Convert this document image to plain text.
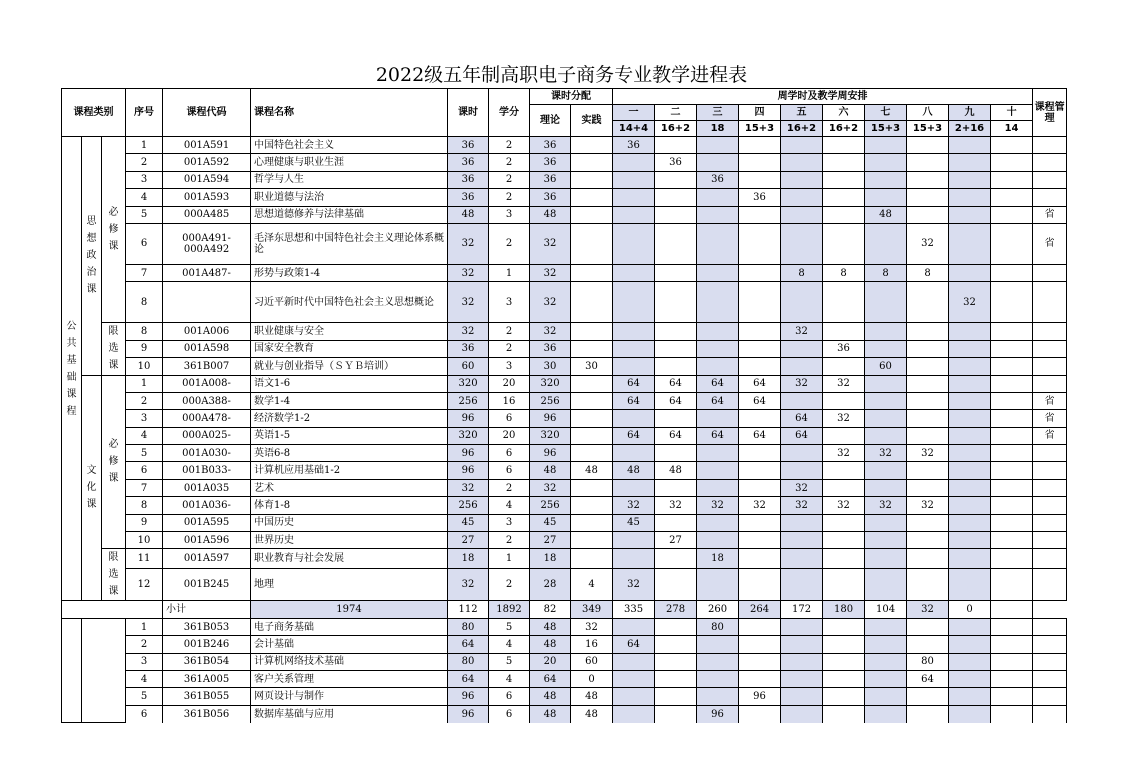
2022级五年制高职电子商务专业教学进程表
课程类别			序号	课程代码	课程名称	课时	学分	课时分配		周学时及教学周安排										课程管理
								理论	实践	一	二	三	四	五	六	七	八	九	十	
										14+4	16+2	18	15+3	16+2	16+2	15+3	15+3	2+16	14	

公共基础课程	思想政治课	必修课	1	001A591	中国特色社会主义	36	2	36		36										
			2	001A592	心理健康与职业生涯	36	2	36			36									
			3	001A594	哲学与人生	36	2	36				36								
			4	001A593	职业道德与法治	36	2	36					36							
			5	000A485	思想道德修养与法律基础	48	3	48								48				省
			6	000A491-000A492	毛泽东思想和中国特色社会主义理论体系概论	32	2	32									32			省
			7	001A487-	形势与政策1-4	32	1	32						8	8	8	8			
			8		习近平新时代中国特色社会主义思想概论	32	3	32										32		

		限选课	8	001A006	职业健康与安全	32	2	32						32						
			9	001A598	国家安全教育	36	2	36							36					
			10	361B007	就业与创业指导（ＳＹＢ培训）	60	3	30	30							60				

	文化课	必修课	1	001A008-	语文1-6	320	20	320		64	64	64	64	32	32					
			2	000A388-	数学1-4	256	16	256		64	64	64	64							省
			3	000A478-	经济数学1-2	96	6	96						64	32					省
			4	000A025-	英语1-5	320	20	320		64	64	64	64	64						省
			5	001A030-	英语6-8	96	6	96							32	32	32			
			6	001B033-	计算机应用基础1-2	96	6	48	48	48	48									
			7	001A035	艺术	32	2	32						32						
			8	001A036-	体育1-8	256	4	256		32	32	32	32	32	32	32	32			
			9	001A595	中国历史	45	3	45		45										
			10	001A596	世界历史	27	2	27			27									

		限选课	11	001A597	职业教育与社会发展	18	1	18				18								
			12	001B245	地理	32	2	28	4	32										
				小计	1974	112	1892	82	349	335	278	260	264	172	180	104	32	0		
			1	361B053	电子商务基础	80	5	48	32			80								
			2	001B246	会计基础	64	4	48	16	64										
			3	361B054	计算机网络技术基础	80	5	20	60								80			
			4	361A005	客户关系管理	64	4	64	0								64			
			5	361B055	网页设计与制作	96	6	48	48				96							
			6	361B056	数据库基础与应用	96	6	48	48			96								
